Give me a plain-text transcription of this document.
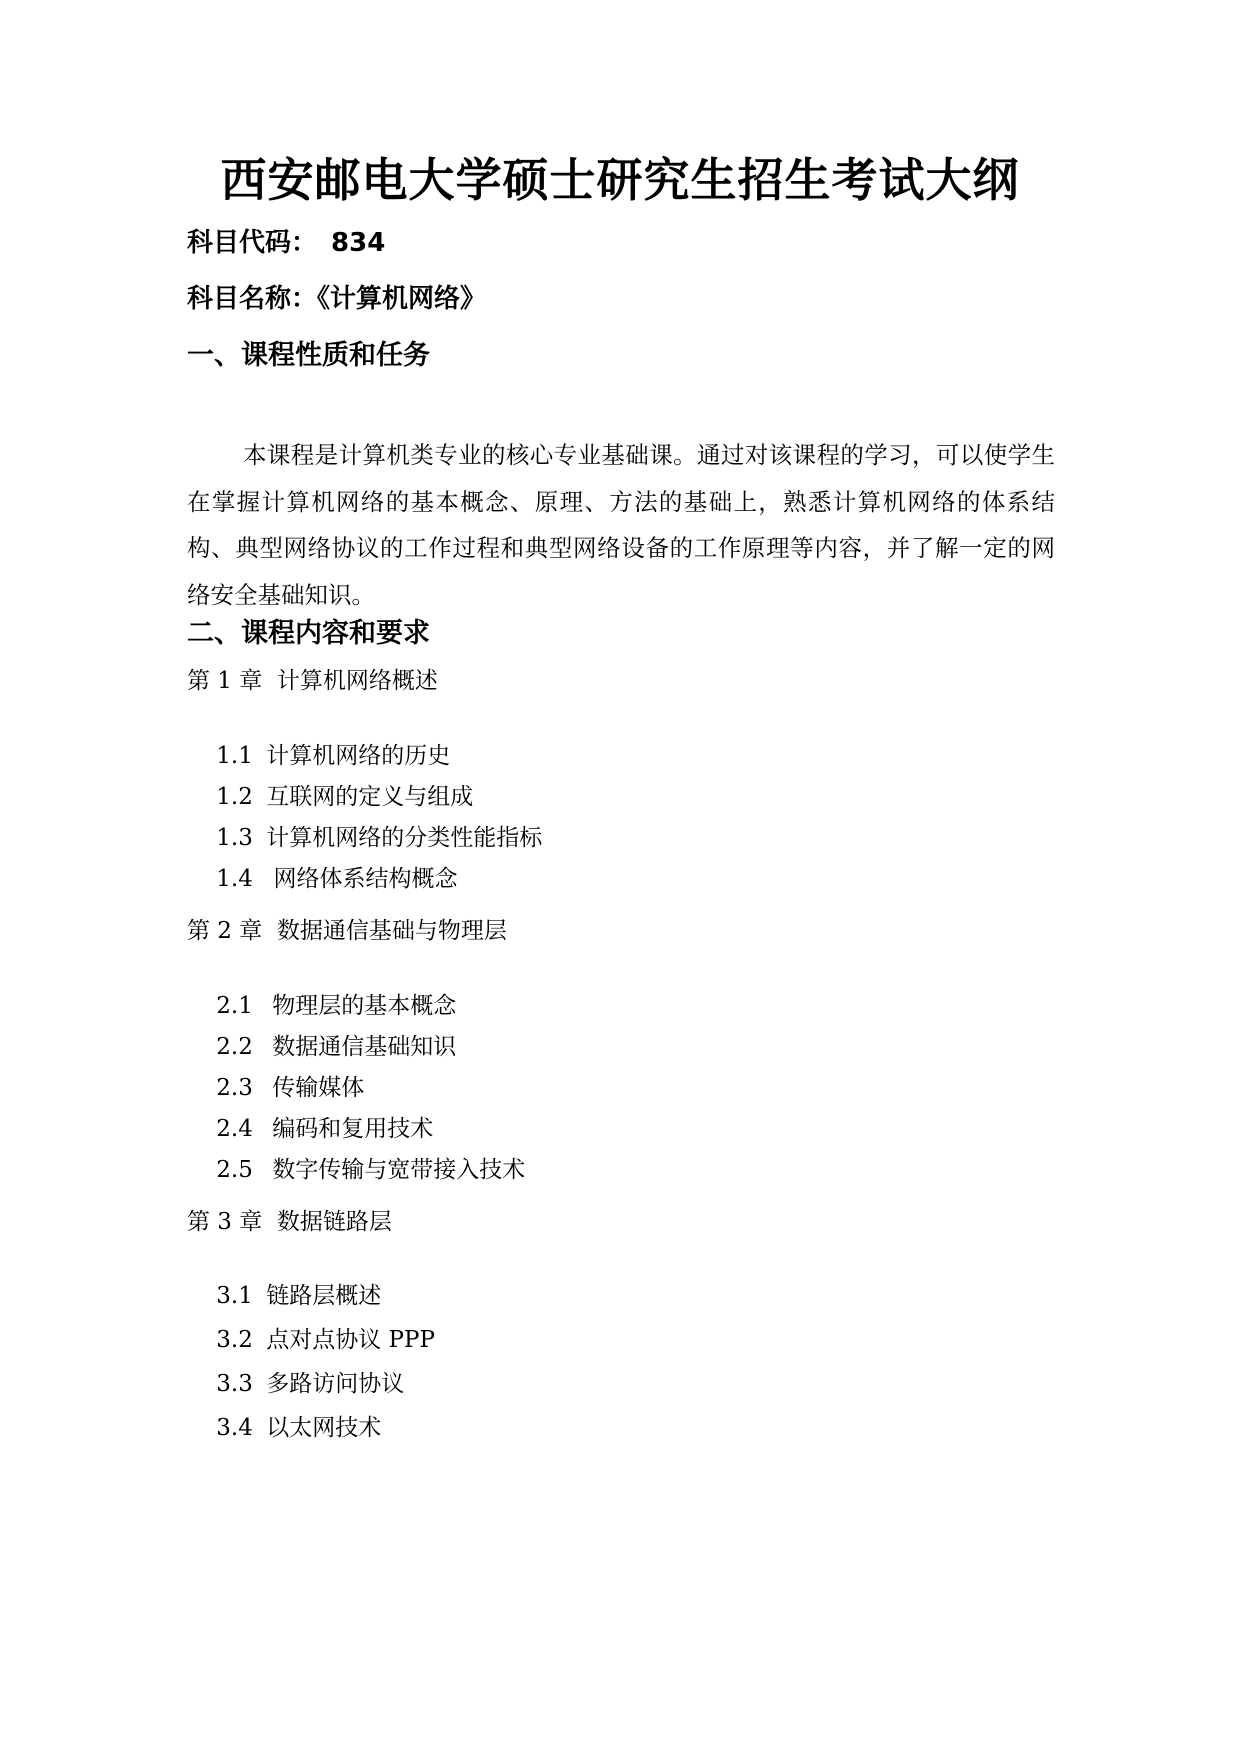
西安邮电大学硕士研究生招生考试大纲
科目代码： 834
科目名称：《计算机网络》
一、课程性质和任务
本课程是计算机类专业的核心专业基础课。通过对该课程的学习，可以使学生在掌握计算机网络的基本概念、原理、方法的基础上，熟悉计算机网络的体系结构、典型网络协议的工作过程和典型网络设备的工作原理等内容，并了解一定的网络安全基础知识。
二、课程内容和要求
第 1 章  计算机网络概述

1.1 计算机网络的历史

1.2 互联网的定义与组成

1.3 计算机网络的分类性能指标

1.4 网络体系结构概念

第 2 章  数据通信基础与物理层

2.1 物理层的基本概念

2.2 数据通信基础知识

2.3 传输媒体

2.4 编码和复用技术

2.5 数字传输与宽带接入技术

第 3 章  数据链路层

3.1 链路层概述

3.2 点对点协议 PPP

3.3 多路访问协议

3.4 以太网技术
